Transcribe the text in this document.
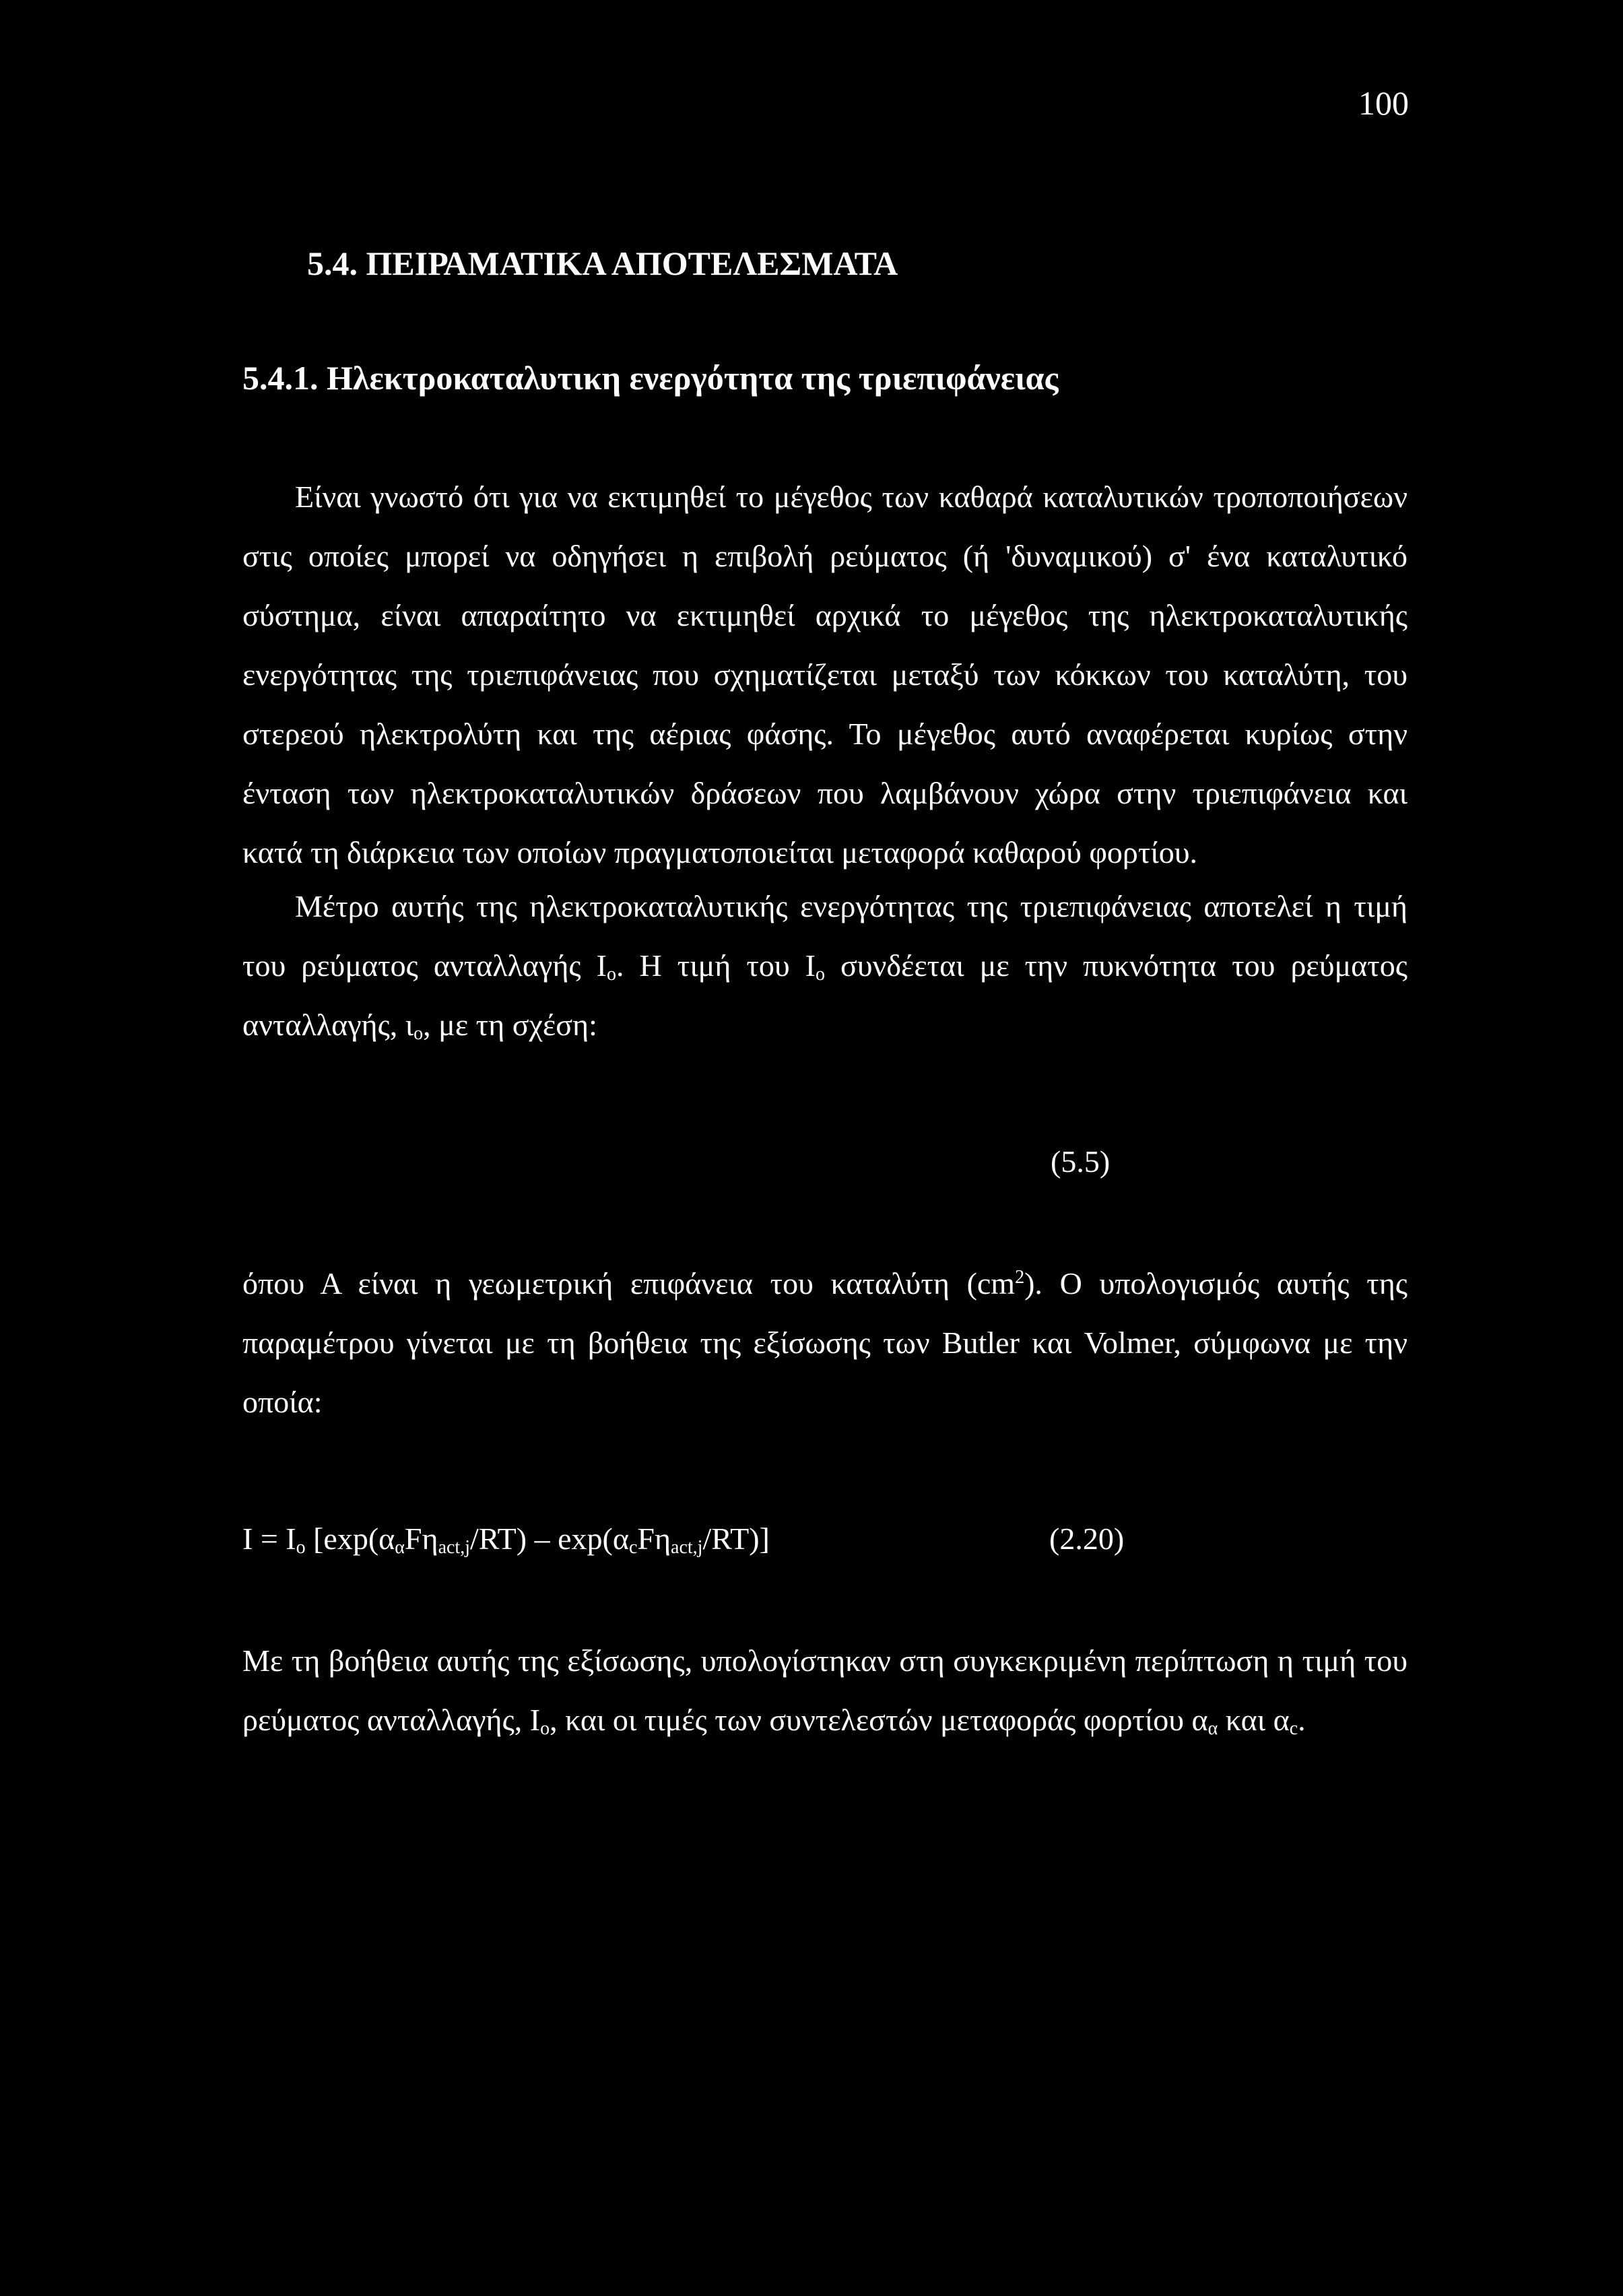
100
5.4. ΠΕΙΡΑΜΑΤΙΚΑ ΑΠΟΤΕΛΕΣΜΑΤΑ
5.4.1. Ηλεκτροκαταλυτικη ενεργότητα της τριεπιφάνειας

Είναι γνωστό ότι για να εκτιμηθεί το μέγεθος των καθαρά καταλυτικών τροποποιήσεων
στις οποίες μπορεί να οδηγήσει η επιβολή ρεύματος (ή 'δυναμικού) σ' ένα καταλυτικό
σύστημα, είναι απαραίτητο να εκτιμηθεί αρχικά το μέγεθος της ηλεκτροκαταλυτικής
ενεργότητας της τριεπιφάνειας που σχηματίζεται μεταξύ των κόκκων του καταλύτη, του
στερεού ηλεκτρολύτη και της αέριας φάσης. Το μέγεθος αυτό αναφέρεται κυρίως στην
ένταση των ηλεκτροκαταλυτικών δράσεων που λαμβάνουν χώρα στην τριεπιφάνεια και
κατά τη διάρκεια των οποίων πραγματοποιείται μεταφορά καθαρού φορτίου.

Μέτρο αυτής της ηλεκτροκαταλυτικής ενεργότητας της τριεπιφάνειας αποτελεί η τιμή
του ρεύματος ανταλλαγής $I_o$. Η τιμή του $I_o$ συνδέεται με την πυκνότητα του ρεύματος
ανταλλαγής, $\iota_o$, με τη σχέση:

(5.5)

όπου Α είναι η γεωμετρική επιφάνεια του καταλύτη $(cm^2)$. Ο υπολογισμός αυτής της
παραμέτρου γίνεται με τη βοήθεια της εξίσωσης των Butler και Volmer, σύμφωνα με την
οποία:

$I = I_o$ $[\exp(\alpha_\alpha F\eta_{act,j}/RT) - \exp(\alpha_cF\eta_{act,j}/RT)]$	(2.20)

Με τη βοήθεια αυτής της εξίσωσης, υπολογίστηκαν στη συγκεκριμένη περίπτωση η τιμή του
ρεύματος ανταλλαγής, $I_o$, και οι τιμές των συντελεστών μεταφοράς φορτίου $\alpha_\alpha$ και $\alpha_c$.
